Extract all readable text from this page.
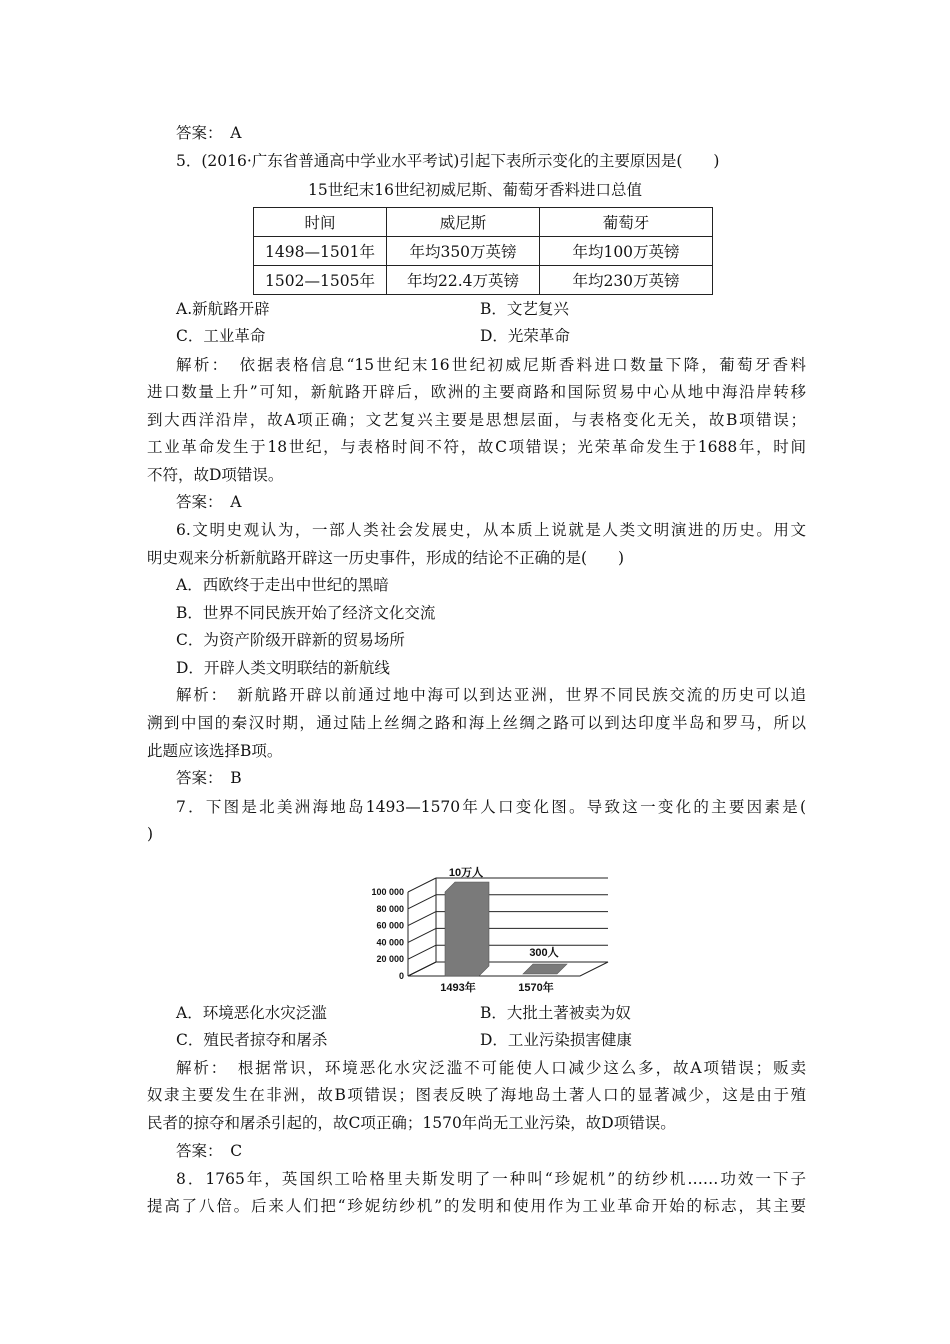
答案：　A
5．(2016·广东省普通高中学业水平考试)引起下表所示变化的主要原因是(　　)
15世纪末16世纪初威尼斯、葡萄牙香料进口总值
时间	威尼斯	葡萄牙
1498—1501年	年均350万英镑	年均100万英镑
1502—1505年	年均22.4万英镑	年均230万英镑
A.新航路开辟	B．文艺复兴
C．工业革命	D．光荣革命
解析：　依据表格信息“15世纪末16世纪初威尼斯香料进口数量下降，葡萄牙香料
进口数量上升”可知，新航路开辟后，欧洲的主要商路和国际贸易中心从地中海沿岸转移
到大西洋沿岸，故A项正确；文艺复兴主要是思想层面，与表格变化无关，故B项错误；
工业革命发生于18世纪，与表格时间不符，故C项错误；光荣革命发生于1688年，时间
不符，故D项错误。
答案：　A
6.文明史观认为，一部人类社会发展史，从本质上说就是人类文明演进的历史。用文
明史观来分析新航路开辟这一历史事件，形成的结论不正确的是(　　)
A．西欧终于走出中世纪的黑暗
B．世界不同民族开始了经济文化交流
C．为资产阶级开辟新的贸易场所
D．开辟人类文明联结的新航线
解析：　新航路开辟以前通过地中海可以到达亚洲，世界不同民族交流的历史可以追
溯到中国的秦汉时期，通过陆上丝绸之路和海上丝绸之路可以到达印度半岛和罗马，所以
此题应该选择B项。
答案：　B
7．下图是北美洲海地岛1493—1570年人口变化图。导致这一变化的主要因素是(
)
100 000
80 000
60 000
40 000
20 000
0
10万人
1493年
300人
1570年
A．环境恶化水灾泛滥	B．大批土著被卖为奴
C．殖民者掠夺和屠杀	D．工业污染损害健康
解析：　根据常识，环境恶化水灾泛滥不可能使人口减少这么多，故A项错误；贩卖
奴隶主要发生在非洲，故B项错误；图表反映了海地岛土著人口的显著减少，这是由于殖
民者的掠夺和屠杀引起的，故C项正确；1570年尚无工业污染，故D项错误。
答案：　C
8．1765年，英国织工哈格里夫斯发明了一种叫“珍妮机”的纺纱机……功效一下子
提高了八倍。后来人们把“珍妮纺纱机”的发明和使用作为工业革命开始的标志，其主要
